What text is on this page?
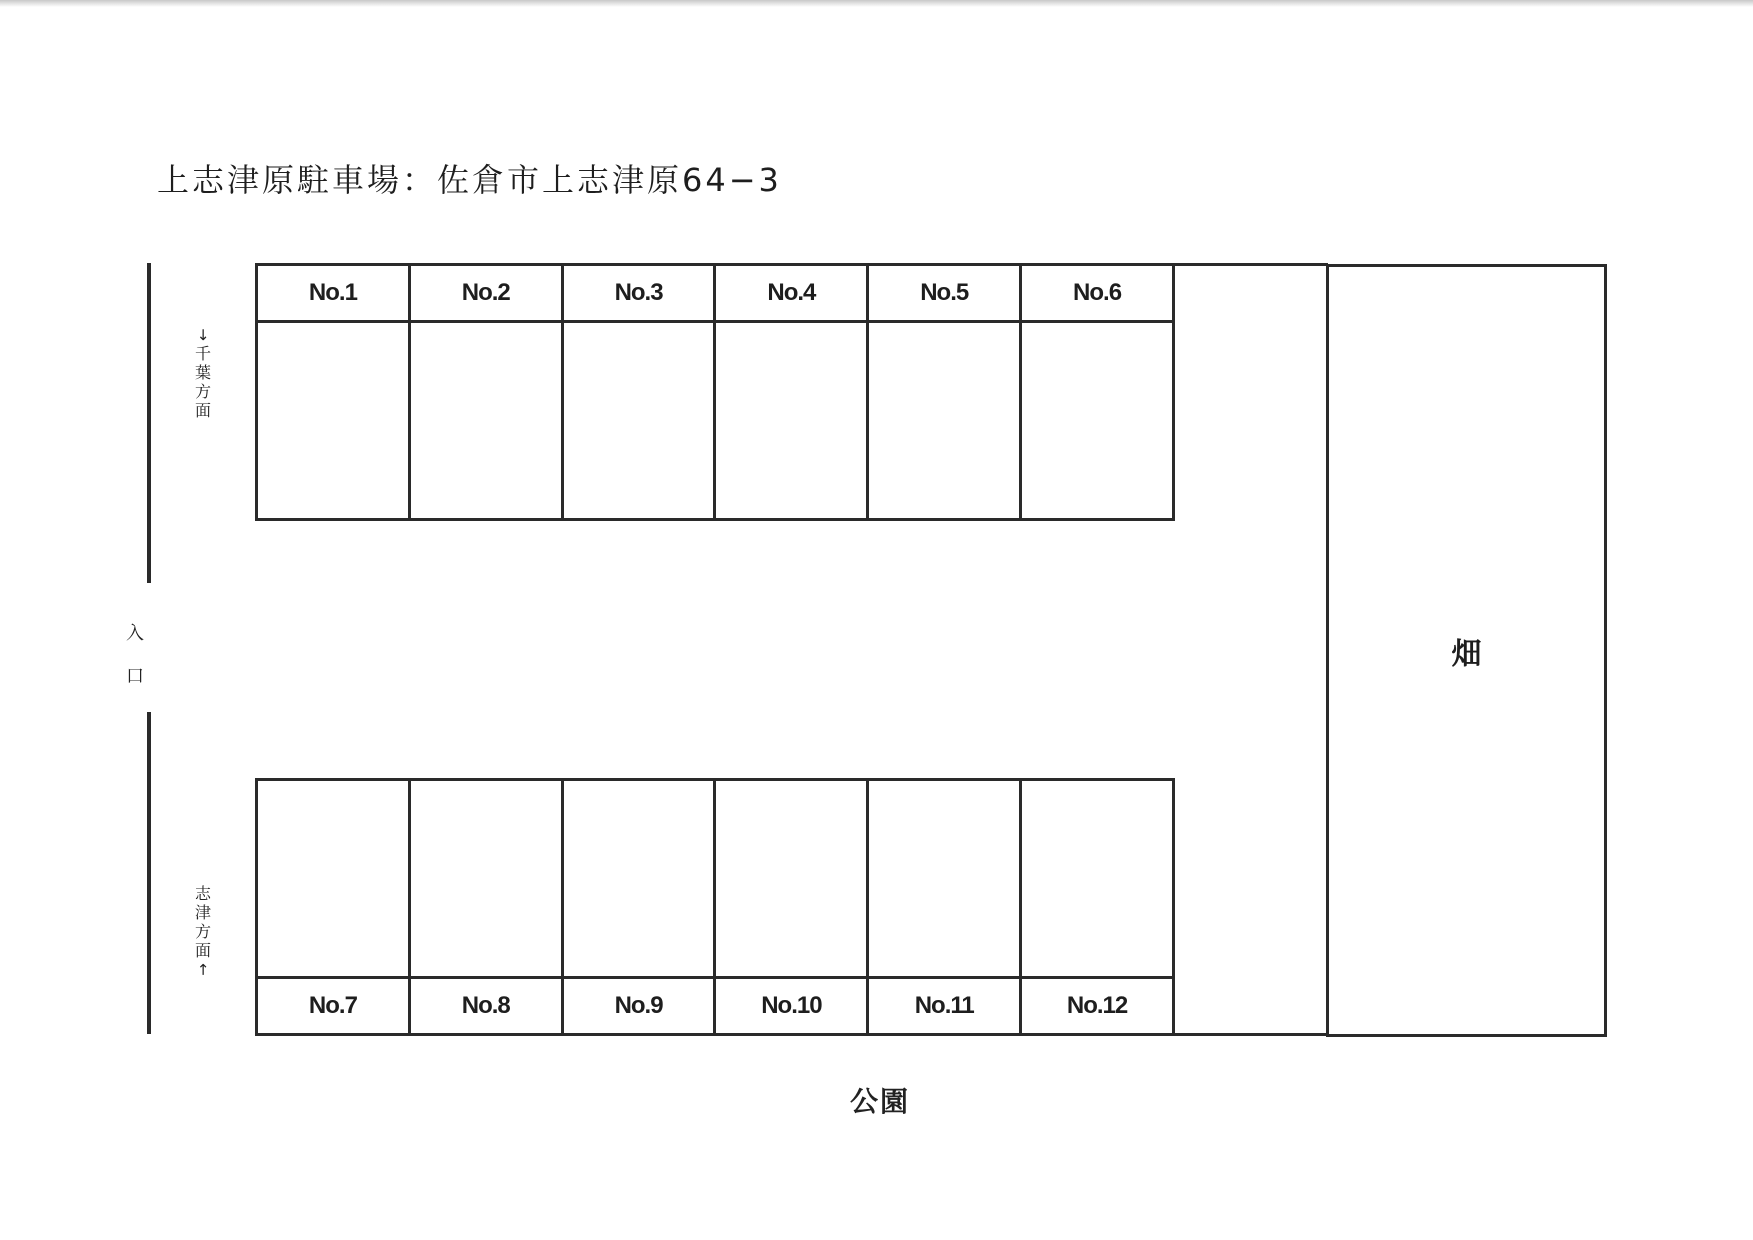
上志津原駐車場：佐倉市上志津原64−3
→
千
葉
方
面
志
津
方
面
←
入
口
No.1	No.2	No.3	No.4	No.5	No.6
No.7	No.8	No.9	No.10	No.11	No.12
畑
公園
